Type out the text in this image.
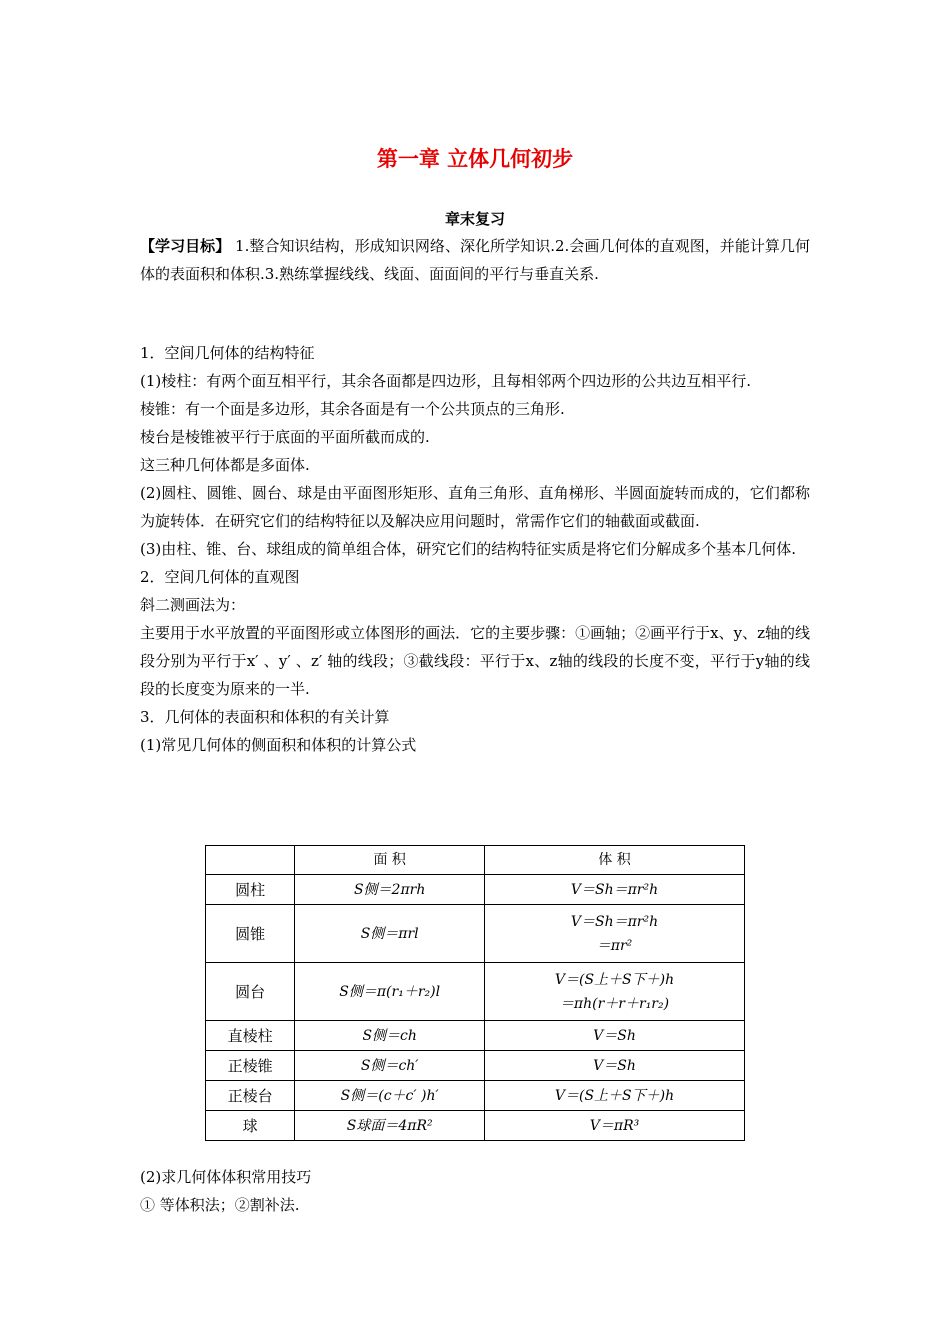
第一章 立体几何初步
章末复习
【学习目标】 1.整合知识结构，形成知识网络、深化所学知识.2.会画几何体的直观图，并能计算几何体的表面积和体积.3.熟练掌握线线、线面、面面间的平行与垂直关系.

1．空间几何体的结构特征

(1)棱柱：有两个面互相平行，其余各面都是四边形，且每相邻两个四边形的公共边互相平行.

棱锥：有一个面是多边形，其余各面是有一个公共顶点的三角形.

棱台是棱锥被平行于底面的平面所截而成的.

这三种几何体都是多面体.

(2)圆柱、圆锥、圆台、球是由平面图形矩形、直角三角形、直角梯形、半圆面旋转而成的，它们都称为旋转体．在研究它们的结构特征以及解决应用问题时，常需作它们的轴截面或截面.

(3)由柱、锥、台、球组成的简单组合体，研究它们的结构特征实质是将它们分解成多个基本几何体.

2．空间几何体的直观图

斜二测画法为：

主要用于水平放置的平面图形或立体图形的画法．它的主要步骤：①画轴；②画平行于x、y、z轴的线段分别为平行于x′ 、y′ 、z′ 轴的线段；③截线段：平行于x、z轴的线段的长度不变，平行于y轴的线段的长度变为原来的一半.

3．几何体的表面积和体积的有关计算

(1)常见几何体的侧面积和体积的计算公式

	面 积	体 积
圆柱	S侧＝2πrh	V＝Sh＝πr²h

圆锥	S侧＝πrl	V＝Sh＝πr²h
＝πr²

圆台	S侧＝π(r₁＋r₂)l	V＝(S上＋S下＋)h
＝πh(r＋r＋r₁r₂)

直棱柱	S侧＝ch	V＝Sh

正棱锥	S侧＝ch′	V＝Sh

正棱台	S侧＝(c＋c′ )h′	V＝(S上＋S下＋)h

球	S球面＝4πR²	V＝πR³

(2)求几何体体积常用技巧

① 等体积法；②割补法.
